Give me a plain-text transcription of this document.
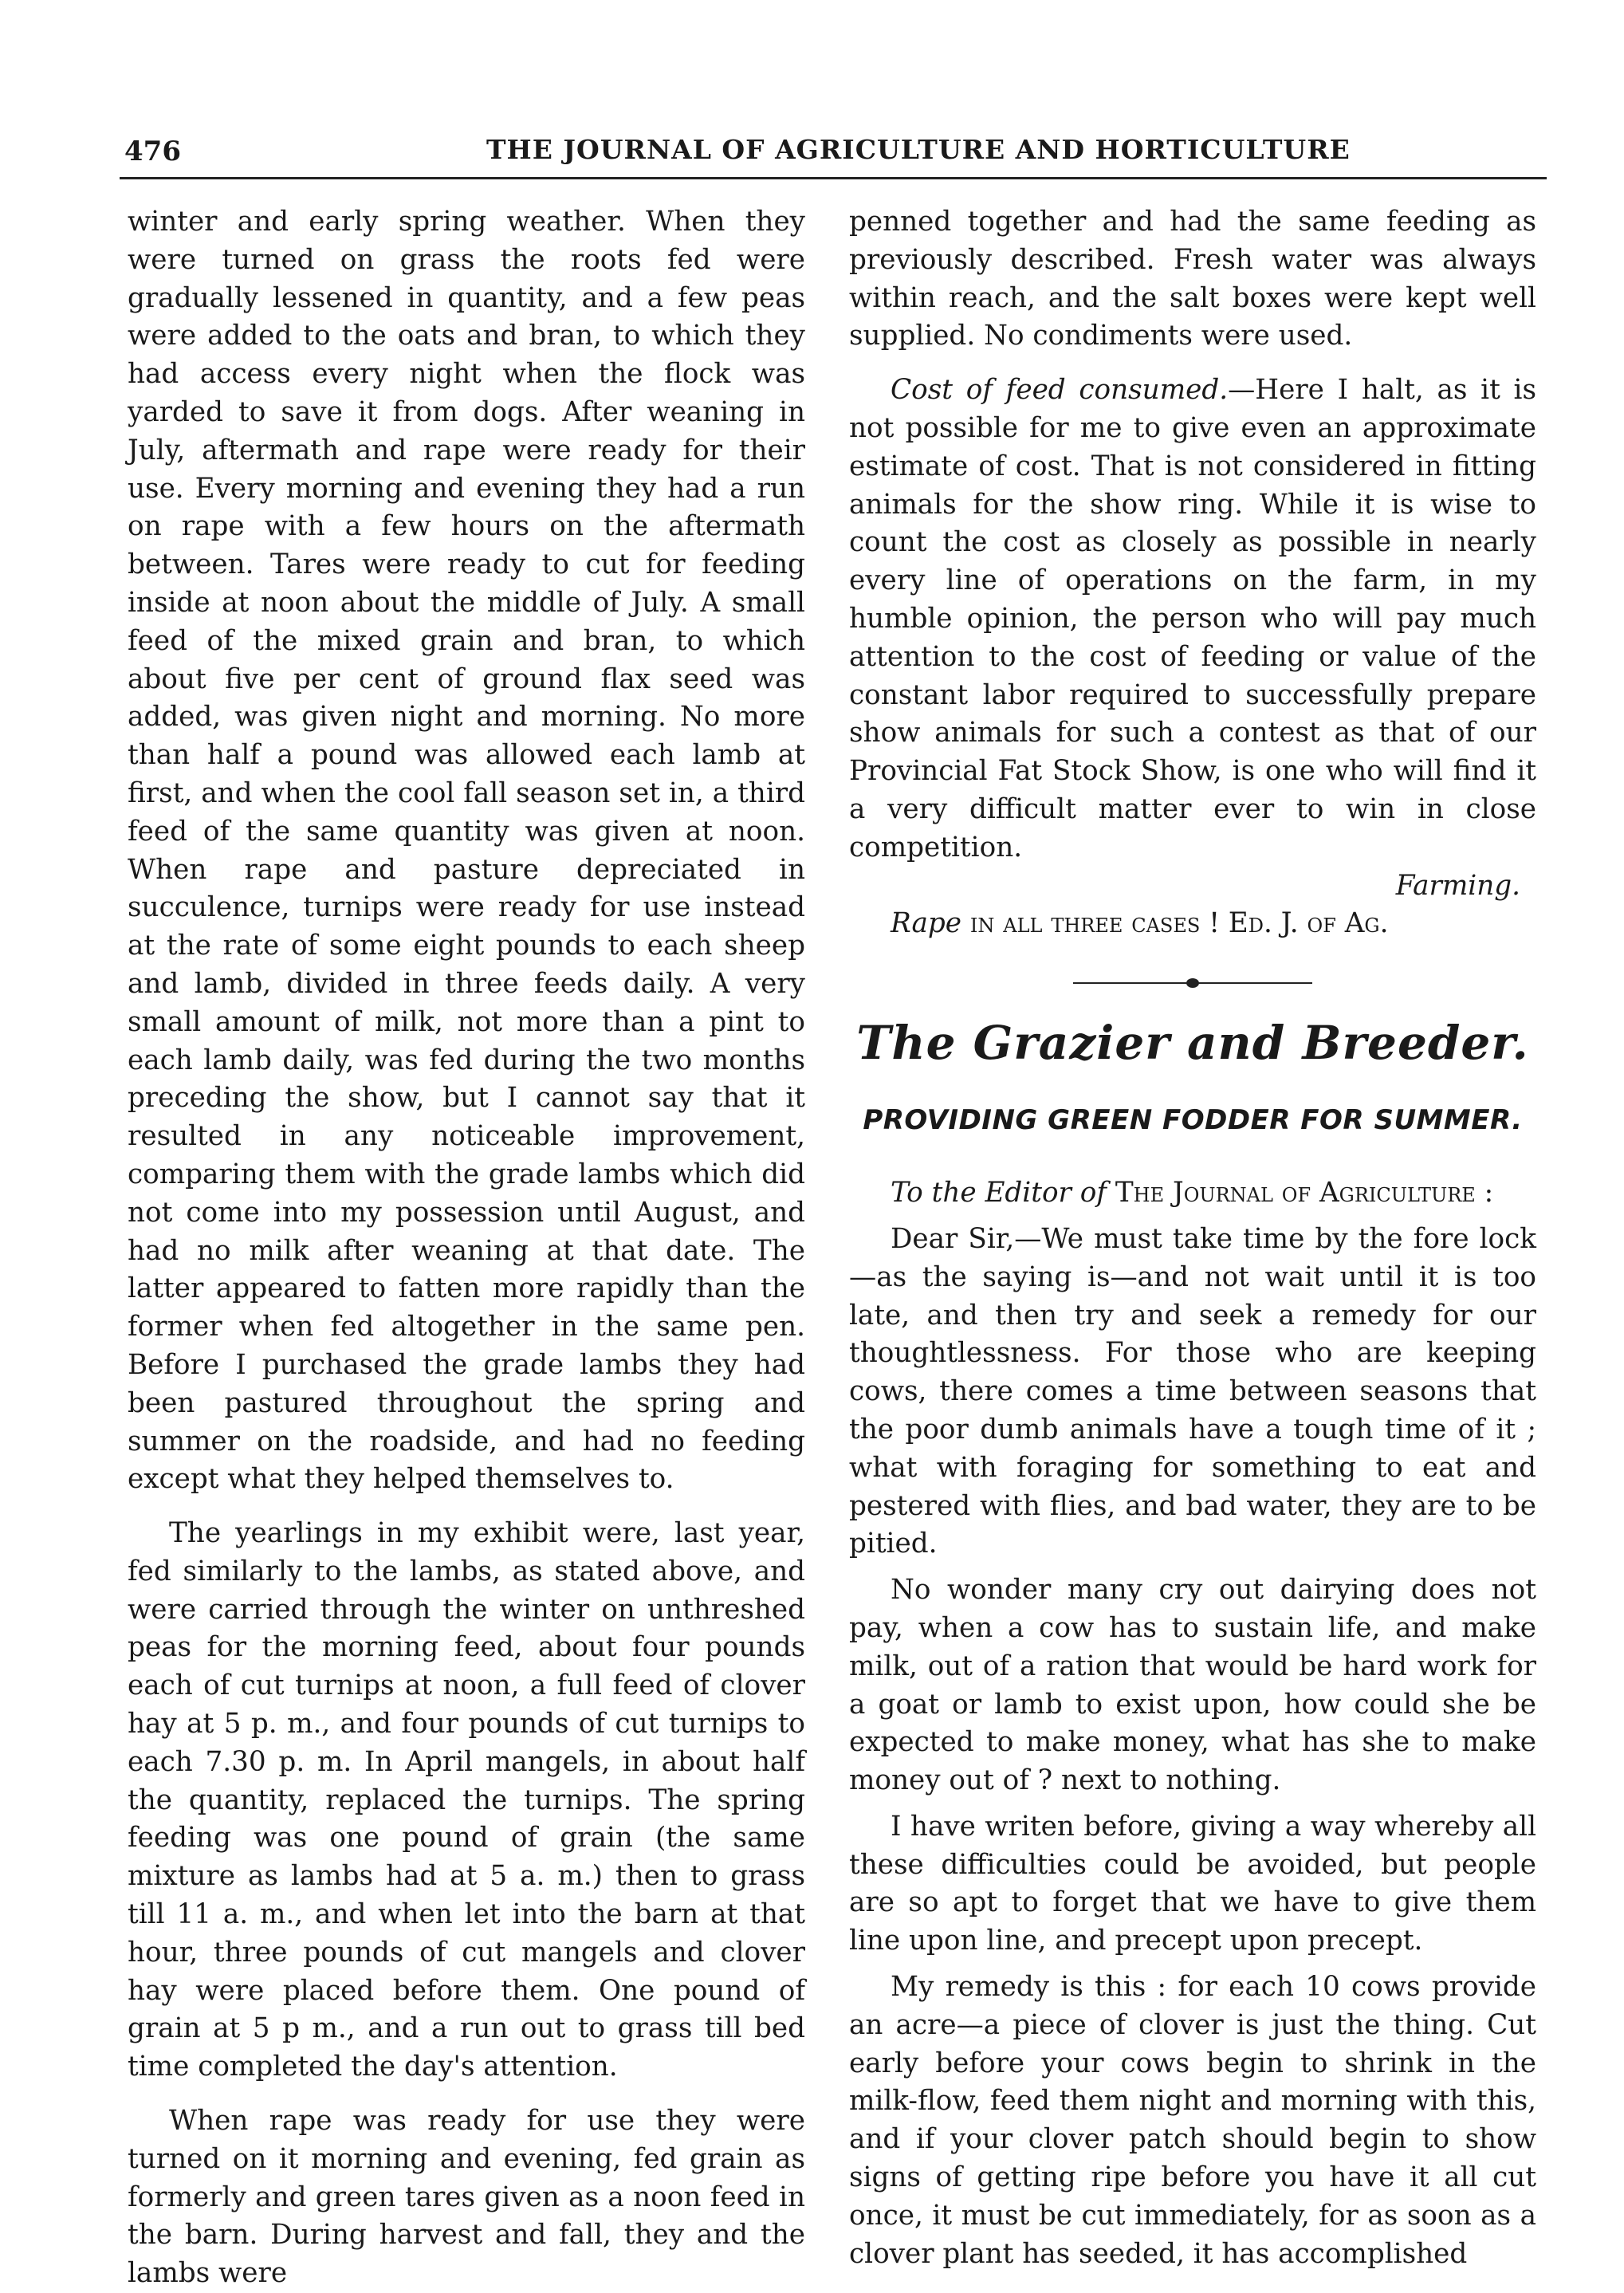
476	THE JOURNAL OF AGRICULTURE AND HORTICULTURE

winter and early spring weather. When they were turned on grass the roots fed were gradually lessened in quantity, and a few peas were added to the oats and bran, to which they had access every night when the flock was yarded to save it from dogs. After weaning in July, aftermath and rape were ready for their use. Every morning and evening they had a run on rape with a few hours on the aftermath between. Tares were ready to cut for feeding inside at noon about the middle of July. A small feed of the mixed grain and bran, to which about five per cent of ground flax seed was added, was given night and morning. No more than half a pound was allowed each lamb at first, and when the cool fall season set in, a third feed of the same quantity was given at noon. When rape and pasture depreciated in succulence, turnips were ready for use instead at the rate of some eight pounds to each sheep and lamb, divided in three feeds daily. A very small amount of milk, not more than a pint to each lamb daily, was fed during the two months preceding the show, but I cannot say that it resulted in any noticeable improvement, comparing them with the grade lambs which did not come into my possession until August, and had no milk after weaning at that date. The latter appeared to fatten more rapidly than the former when fed altogether in the same pen. Before I purchased the grade lambs they had been pastured throughout the spring and summer on the roadside, and had no feeding except what they helped themselves to.

The yearlings in my exhibit were, last year, fed similarly to the lambs, as stated above, and were carried through the winter on unthreshed peas for the morning feed, about four pounds each of cut turnips at noon, a full feed of clover hay at 5 p. m., and four pounds of cut turnips to each 7.30 p. m. In April mangels, in about half the quantity, replaced the turnips. The spring feeding was one pound of grain (the same mixture as lambs had at 5 a. m.) then to grass till 11 a. m., and when let into the barn at that hour, three pounds of cut mangels and clover hay were placed before them. One pound of grain at 5 p m., and a run out to grass till bed time completed the day's attention.

When rape was ready for use they were turned on it morning and evening, fed grain as formerly and green tares given as a noon feed in the barn. During harvest and fall, they and the lambs were

penned together and had the same feeding as previously described. Fresh water was always within reach, and the salt boxes were kept well supplied. No condiments were used.

Cost of feed consumed.—Here I halt, as it is not possible for me to give even an approximate estimate of cost. That is not considered in fitting animals for the show ring. While it is wise to count the cost as closely as possible in nearly every line of operations on the farm, in my humble opinion, the person who will pay much attention to the cost of feeding or value of the constant labor required to successfully prepare show animals for such a contest as that of our Provincial Fat Stock Show, is one who will find it a very difficult matter ever to win in close competition.

Farming.

Rape in all three cases ! Ed. J. of Ag.

The Grazier and Breeder.
PROVIDING GREEN FODDER FOR SUMMER.

To the Editor of The Journal of Agriculture :

Dear Sir,—We must take time by the fore lock —as the saying is—and not wait until it is too late, and then try and seek a remedy for our thoughtlessness. For those who are keeping cows, there comes a time between seasons that the poor dumb animals have a tough time of it ; what with foraging for something to eat and pestered with flies, and bad water, they are to be pitied.

No wonder many cry out dairying does not pay, when a cow has to sustain life, and make milk, out of a ration that would be hard work for a goat or lamb to exist upon, how could she be expected to make money, what has she to make money out of ? next to nothing.

I have writen before, giving a way whereby all these difficulties could be avoided, but people are so apt to forget that we have to give them line upon line, and precept upon precept.

My remedy is this : for each 10 cows provide an acre—a piece of clover is just the thing. Cut early before your cows begin to shrink in the milk-flow, feed them night and morning with this, and if your clover patch should begin to show signs of getting ripe before you have it all cut once, it must be cut immediately, for as soon as a clover plant has seeded, it has accomplished
